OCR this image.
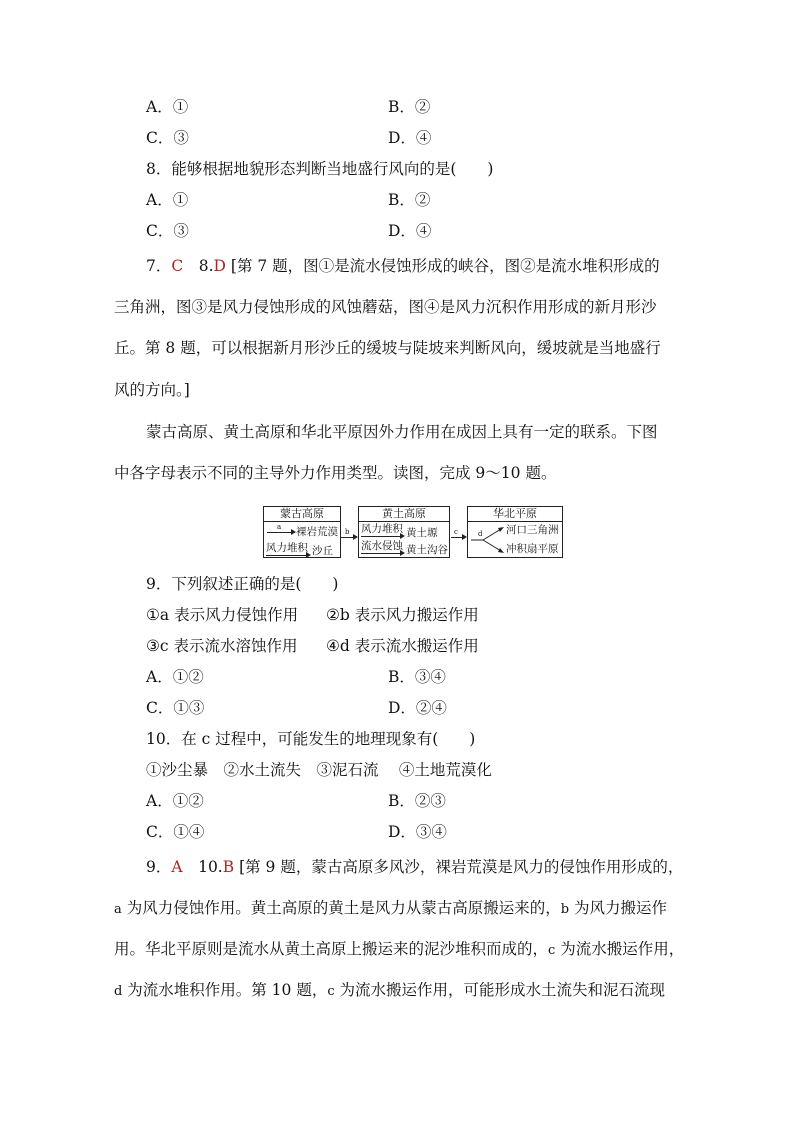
A．①	B．②
C．③	D．④
8．能够根据地貌形态判断当地盛行风向的是(　　)
A．①	B．②
C．③	D．④
7．C　8.D [第 7 题，图①是流水侵蚀形成的峡谷，图②是流水堆积形成的
三角洲，图③是风力侵蚀形成的风蚀蘑菇，图④是风力沉积作用形成的新月形沙
丘。第 8 题，可以根据新月形沙丘的缓坡与陡坡来判断风向，缓坡就是当地盛行
风的方向。]
蒙古高原、黄土高原和华北平原因外力作用在成因上具有一定的联系。下图
中各字母表示不同的主导外力作用类型。读图，完成 9～10 题。
蒙古高原
a 裸岩荒漠
风力堆积 沙丘
b
黄土高原
风力堆积 黄土塬
流水侵蚀 黄土沟谷
c
华北平原
d 河口三角洲
冲积扇平原
9．下列叙述正确的是(　　)
①a 表示风力侵蚀作用 ②b 表示风力搬运作用
③c 表示流水溶蚀作用 ④d 表示流水搬运作用
A．①②	B．③④
C．①③	D．②④
10．在 c 过程中，可能发生的地理现象有(　　)
①沙尘暴　②水土流失　③泥石流　 ④土地荒漠化
A．①②	B．②③
C．①④	D．③④
9．A　10.B [第 9 题，蒙古高原多风沙，裸岩荒漠是风力的侵蚀作用形成的，
a 为风力侵蚀作用。黄土高原的黄土是风力从蒙古高原搬运来的，b 为风力搬运作
用。华北平原则是流水从黄土高原上搬运来的泥沙堆积而成的，c 为流水搬运作用，
d 为流水堆积作用。第 10 题，c 为流水搬运作用，可能形成水土流失和泥石流现
